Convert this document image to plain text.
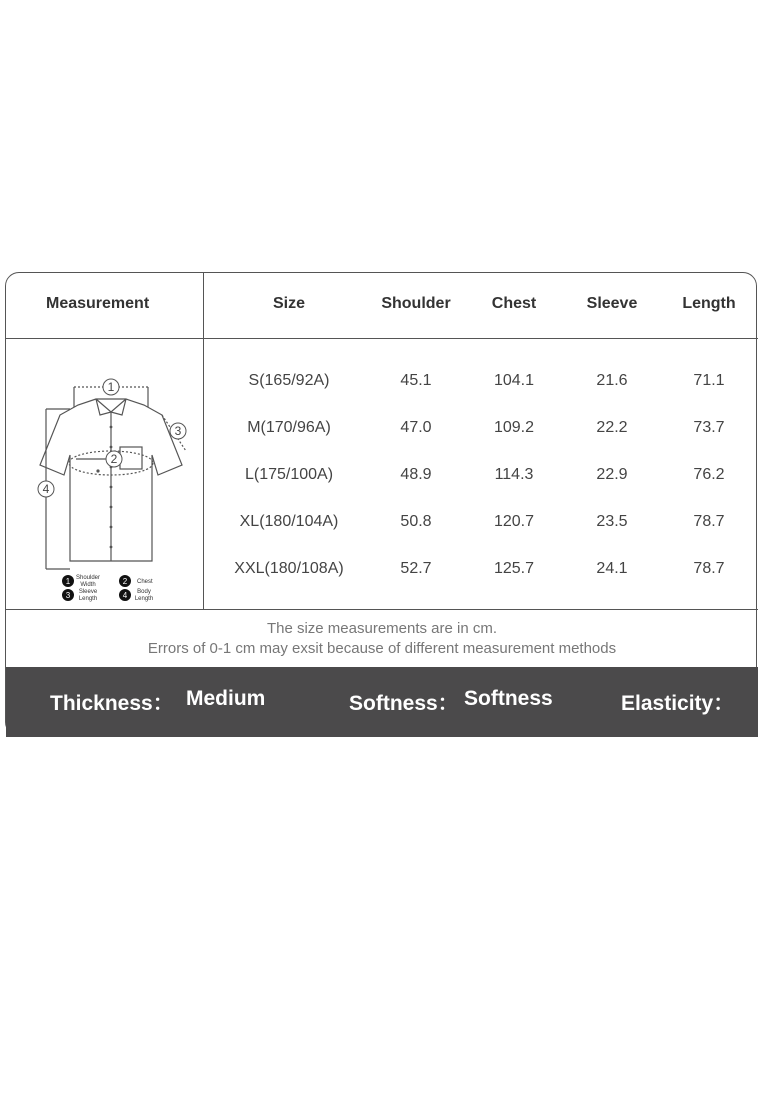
Measurement	Size	Shoulder	Chest	Sleeve	Length
1
2
3
4
1 Shoulder
Width	2 Chest
3 Sleeve
Length	4 Body
Length
S(165/92A)	45.1	104.1	21.6	71.1
M(170/96A)	47.0	109.2	22.2	73.7
L(175/100A)	48.9	114.3	22.9	76.2
XL(180/104A)	50.8	120.7	23.5	78.7
XXL(180/108A)	52.7	125.7	24.1	78.7
The size measurements are in cm.
Errors of 0-1 cm may exsit because of different measurement methods
Thickness： Medium	Softness： Softness	Elasticity：
